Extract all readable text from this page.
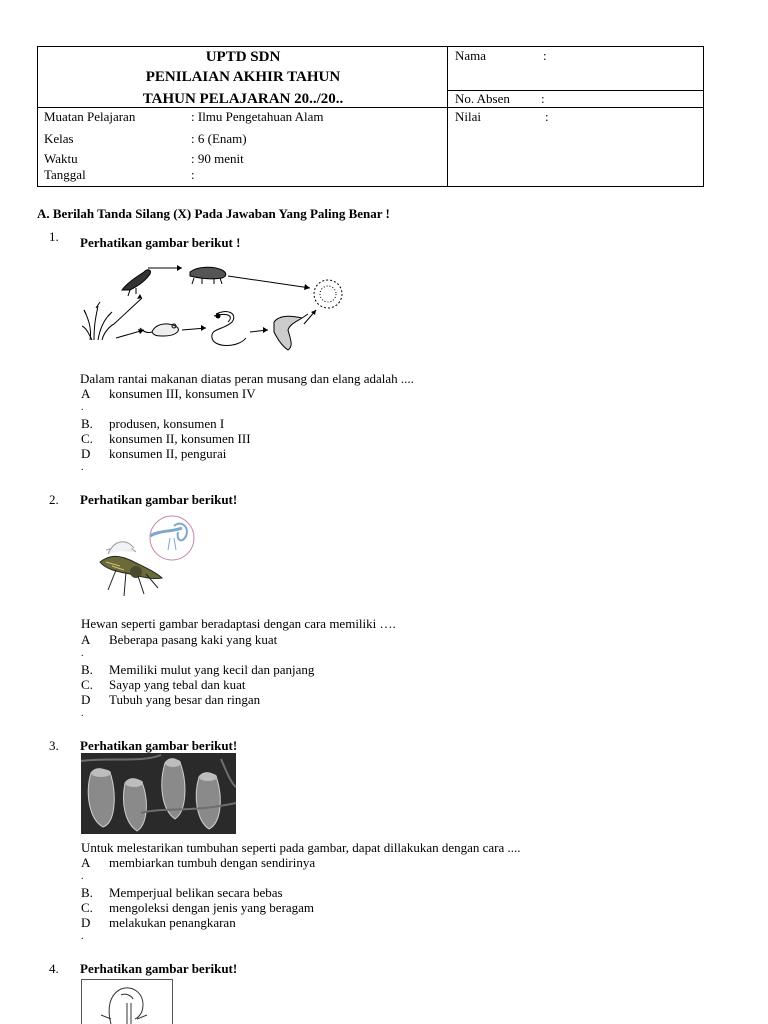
UPTD SDN
PENILAIAN AKHIR TAHUN
TAHUN PELAJARAN 20../20..
Nama	:
No. Absen :
Nilai	:
Muatan Pelajaran	: Ilmu Pengetahuan Alam
Kelas	: 6 (Enam)
Waktu	: 90 menit
Tanggal	:
A. Berilah Tanda Silang (X) Pada Jawaban Yang Paling Benar !
1. Perhatikan gambar berikut !
Dalam rantai makanan diatas peran musang dan elang adalah ....
A konsumen III, konsumen IV
.
B. produsen, konsumen I
C. konsumen II, konsumen III
D konsumen II, pengurai
.
2. Perhatikan gambar berikut!
Hewan seperti gambar beradaptasi dengan cara memiliki ….
A Beberapa pasang kaki yang kuat
.
B. Memiliki mulut yang kecil dan panjang
C. Sayap yang tebal dan kuat
D Tubuh yang besar dan ringan
.
3. Perhatikan gambar berikut!
Untuk melestarikan tumbuhan seperti pada gambar, dapat dillakukan dengan cara ....
A membiarkan tumbuh dengan sendirinya
.
B. Memperjual belikan secara bebas
C. mengoleksi dengan jenis yang beragam
D melakukan penangkaran
.
4. Perhatikan gambar berikut!
